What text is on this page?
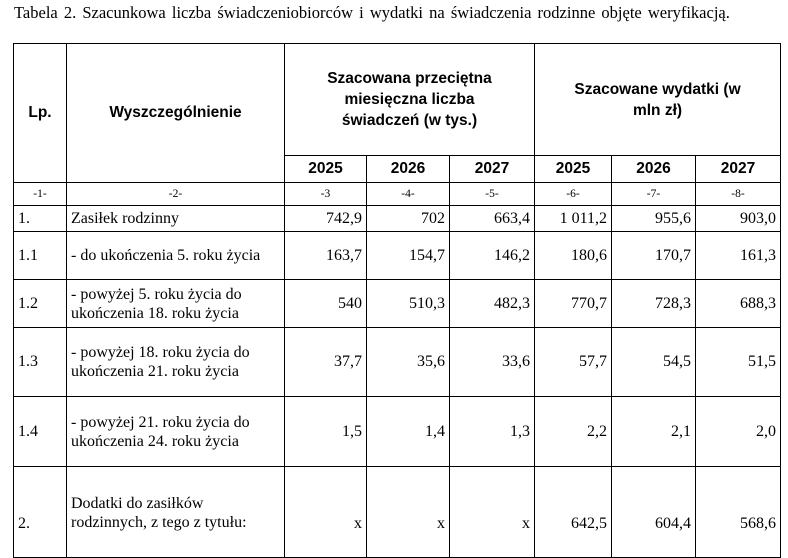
Tabela 2. Szacunkowa liczba świadczeniobiorców i wydatki na świadczenia rodzinne objęte weryfikacją.
Lp.	Wyszczególnienie	Szacowana przeciętna miesięczna liczba świadczeń (w tys.)			Szacowane wydatki (w mln zł)		

		2025	2026	2027	2025	2026	2027
-1-	-2-	-3	-4-	-5-	-6-	-7-	-8-
1.	Zasiłek rodzinny	742,9	702	663,4	1 011,2	955,6	903,0
1.1	- do ukończenia 5. roku życia	163,7	154,7	146,2	180,6	170,7	161,3
1.2	- powyżej 5. roku życia do ukończenia 18. roku życia	540	510,3	482,3	770,7	728,3	688,3
1.3	- powyżej 18. roku życia do ukończenia 21. roku życia	37,7	35,6	33,6	57,7	54,5	51,5
1.4	- powyżej 21. roku życia do ukończenia 24. roku życia	1,5	1,4	1,3	2,2	2,1	2,0
2.	Dodatki do zasiłków rodzinnych, z tego z tytułu:	x	x	x	642,5	604,4	568,6
